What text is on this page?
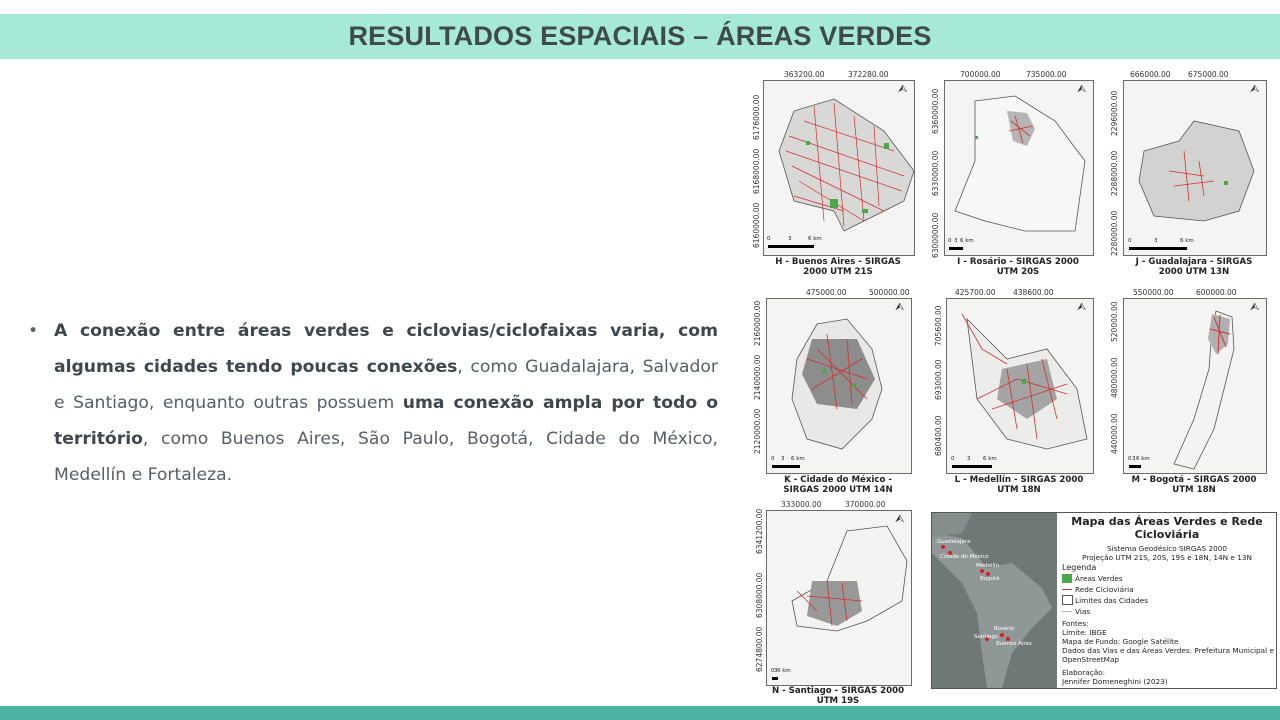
RESULTADOS ESPACIAIS – ÁREAS VERDES
• A conexão entre áreas verdes e ciclovias/ciclofaixas varia, com algumas cidades tendo poucas conexões, como Guadalajara, Salvador e Santiago, enquanto outras possuem uma conexão ampla por todo o território, como Buenos Aires, São Paulo, Bogotá, Cidade do México, Medellín e Fortaleza.
363200.00	372280.00
6176000.00
6168000.00
6160000.00
⮙
0	3	6 km
H - Buenos Aires - SIRGAS
2000 UTM 21S
700000.00	735000.00
6360000.00
6330000.00
6300000.00
⮙
0 3 6 km
I - Rosário - SIRGAS 2000
UTM 20S
666000.00 675000.00
2296000.00
2288000.00
2280000.00
⮙
0	3	6 km
J - Guadalajara - SIRGAS
2000 UTM 13N
475000.00	500000.00
2160000.00
2140000.00
2120000.00
⮙
0 3 6 km
K - Cidade do México -
SIRGAS 2000 UTM 14N
425700.00 438600.00
705600.00
693000.00
680400.00
⮙
0 3 6 km
L - Medellín - SIRGAS 2000
UTM 18N
550000.00	600000.00
520000.00
480000.00
440000.00
⮙
0 3 6 km
M - Bogotá - SIRGAS 2000
UTM 18N
333000.00	370000.00
6341200.00
6308000.00
6274800.00
⮙
0 3 6 km
N - Santiago - SIRGAS 2000
UTM 19S
Guadalajara
Cidade do México
Medellín
Bogotá
Rosário
Santiago
Buenos Aires
Mapa das Áreas Verdes e Rede
Cicloviária
Sistema Geodésico SIRGAS 2000
Projeção UTM 21S, 20S, 19S e 18N, 14N e 13N
Legenda
Áreas Verdes
Rede Cicloviária
Limites das Cidades
Vias
Fontes:
Limite: IBGE
Mapa de Fundo: Google Satélite
Dados das Vias e das Áreas Verdes: Prefeitura Municipal e
OpenStreetMap
Elaboração:
Jennifer Domeneghini (2023)
